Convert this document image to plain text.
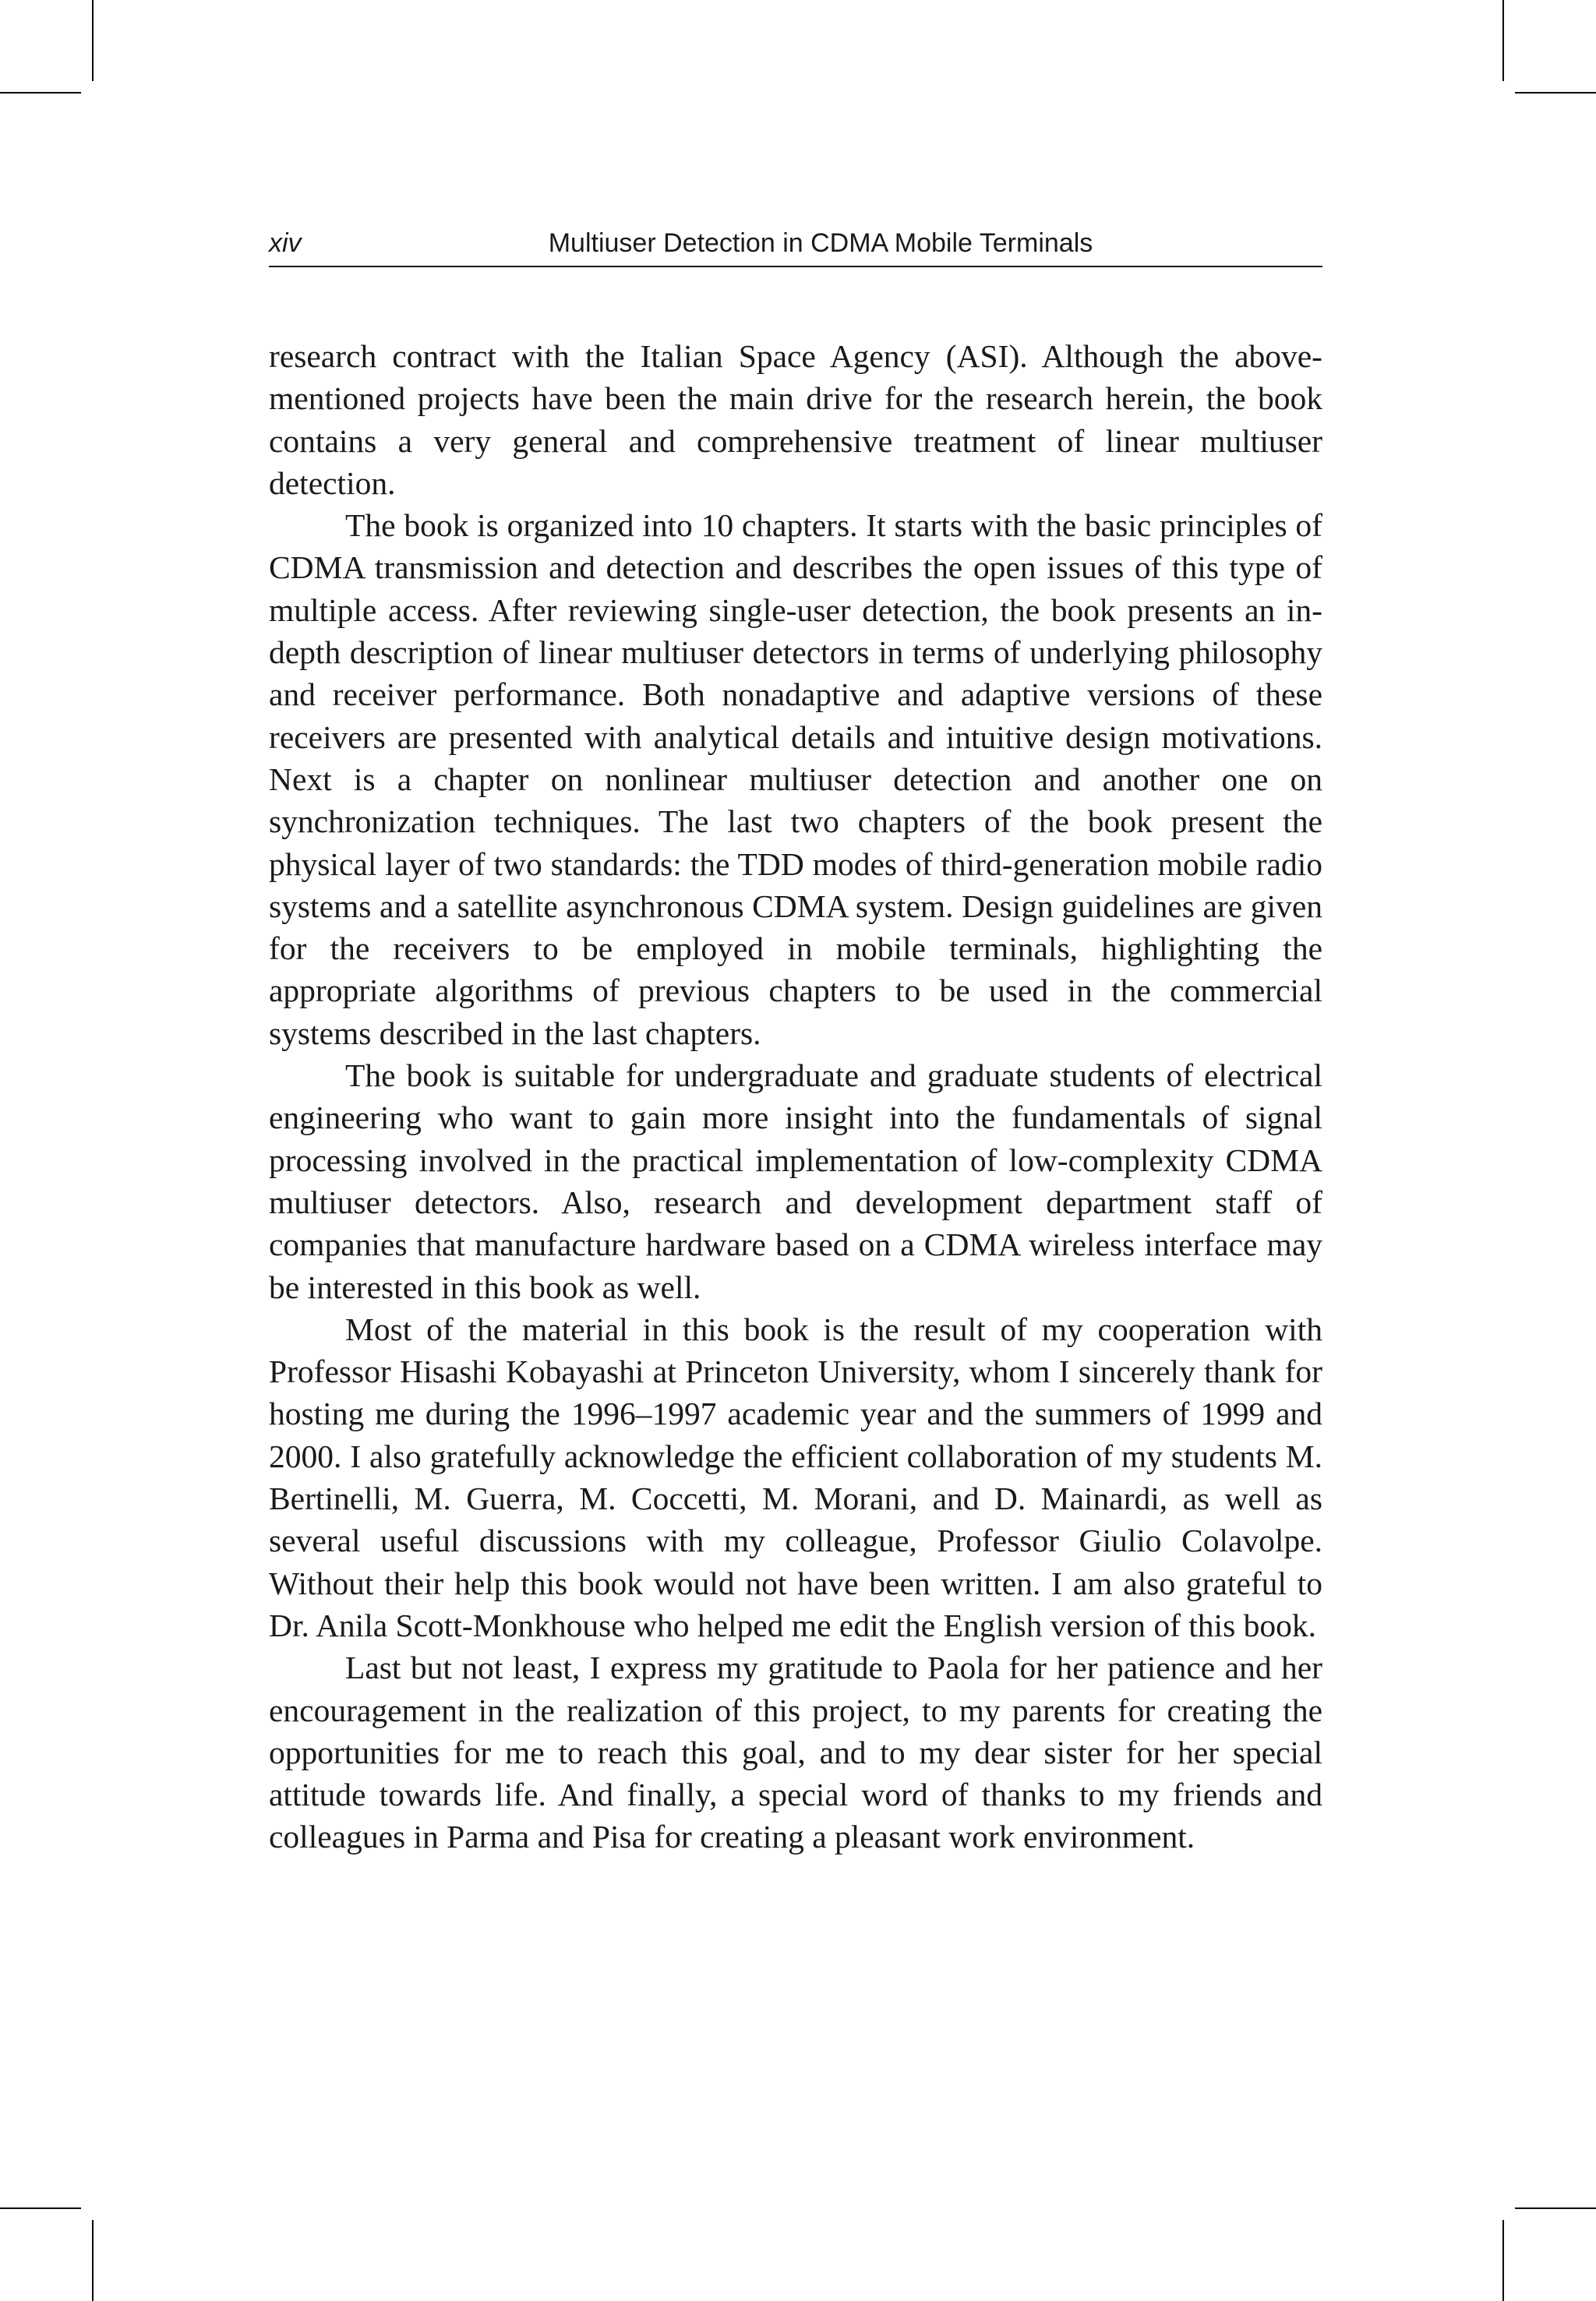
xiv	Multiuser Detection in CDMA Mobile Terminals

research contract with the Italian Space Agency (ASI). Although the above-mentioned projects have been the main drive for the research herein, the book contains a very general and comprehensive treatment of linear multiuser detection.

The book is organized into 10 chapters. It starts with the basic principles of CDMA transmission and detection and describes the open issues of this type of multiple access. After reviewing single-user detection, the book presents an in-depth description of linear multiuser detectors in terms of underlying philosophy and receiver performance. Both nonadaptive and adaptive versions of these receivers are presented with analytical details and intuitive design motivations. Next is a chapter on nonlinear multiuser detection and another one on synchronization techniques. The last two chapters of the book present the physical layer of two standards: the TDD modes of third-generation mobile radio systems and a satellite asynchronous CDMA system. Design guidelines are given for the receivers to be employed in mobile terminals, highlighting the appropriate algorithms of previous chapters to be used in the commercial systems described in the last chapters.

The book is suitable for undergraduate and graduate students of electrical engineering who want to gain more insight into the fundamentals of signal processing involved in the practical implementation of low-complexity CDMA multiuser detectors. Also, research and development department staff of companies that manufacture hardware based on a CDMA wireless interface may be interested in this book as well.

Most of the material in this book is the result of my cooperation with Professor Hisashi Kobayashi at Princeton University, whom I sincerely thank for hosting me during the 1996–1997 academic year and the summers of 1999 and 2000. I also gratefully acknowledge the efficient collaboration of my students M. Bertinelli, M. Guerra, M. Coccetti, M. Morani, and D. Mainardi, as well as several useful discussions with my colleague, Professor Giulio Colavolpe. Without their help this book would not have been written. I am also grateful to Dr. Anila Scott-Monkhouse who helped me edit the English version of this book.

Last but not least, I express my gratitude to Paola for her patience and her encouragement in the realization of this project, to my parents for creating the opportunities for me to reach this goal, and to my dear sister for her special attitude towards life. And finally, a special word of thanks to my friends and colleagues in Parma and Pisa for creating a pleasant work environment.
